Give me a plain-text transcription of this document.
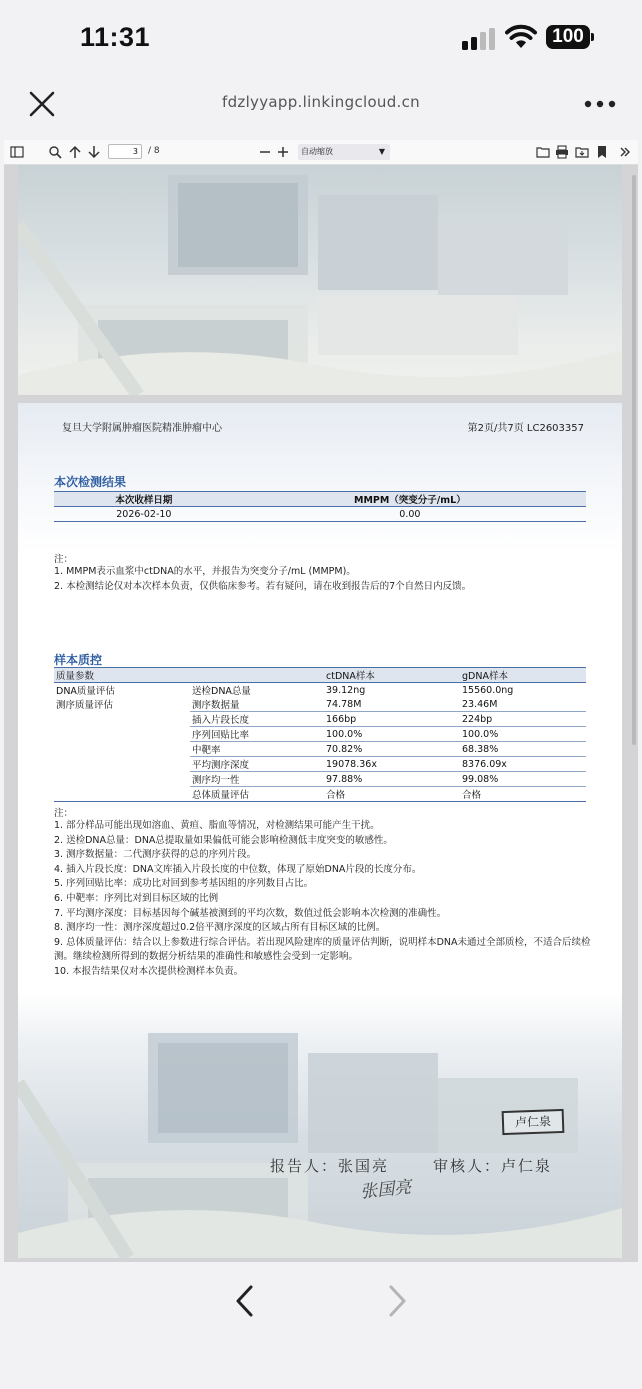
11:31	100
fdzlyyapp.linkingcloud.cn
3	/ 8	自动缩放	▼
复旦大学附属肿瘤医院精准肿瘤中心	第2页/共7页 LC2603357
本次检测结果
本次收样日期	MMPM（突变分子/mL）
2026-02-10	0.00
注：
1. MMPM表示血浆中ctDNA的水平，并报告为突变分子/mL (MMPM)。
2. 本检测结论仅对本次样本负责，仅供临床参考。若有疑问，请在收到报告后的7个自然日内反馈。
样本质控
质量参数		ctDNA样本	gDNA样本
DNA质量评估	送检DNA总量	39.12ng	15560.0ng
测序质量评估	测序数据量	74.78M	23.46M
	插入片段长度	166bp	224bp
	序列回贴比率	100.0%	100.0%
	中靶率	70.82%	68.38%
	平均测序深度	19078.36x	8376.09x
	测序均一性	97.88%	99.08%
	总体质量评估	合格	合格
注：
1. 部分样品可能出现如溶血、黄疸、脂血等情况，对检测结果可能产生干扰。
2. 送检DNA总量：DNA总提取量如果偏低可能会影响检测低丰度突变的敏感性。
3. 测序数据量：二代测序获得的总的序列片段。
4. 插入片段长度：DNA文库插入片段长度的中位数，体现了原始DNA片段的长度分布。
5. 序列回贴比率：成功比对回到参考基因组的序列数目占比。
6. 中靶率：序列比对到目标区域的比例
7. 平均测序深度：目标基因每个碱基被测到的平均次数，数值过低会影响本次检测的准确性。
8. 测序均一性：测序深度超过0.2倍平测序深度的区域占所有目标区域的比例。
9. 总体质量评估：结合以上参数进行综合评估。若出现风险建库的质量评估判断，说明样本DNA未通过全部质检，不适合后续检测。继续检测所得到的数据分析结果的准确性和敏感性会受到一定影响。
10. 本报告结果仅对本次提供检测样本负责。
报告人：张国亮	审核人：卢仁泉
张国亮
卢仁泉
